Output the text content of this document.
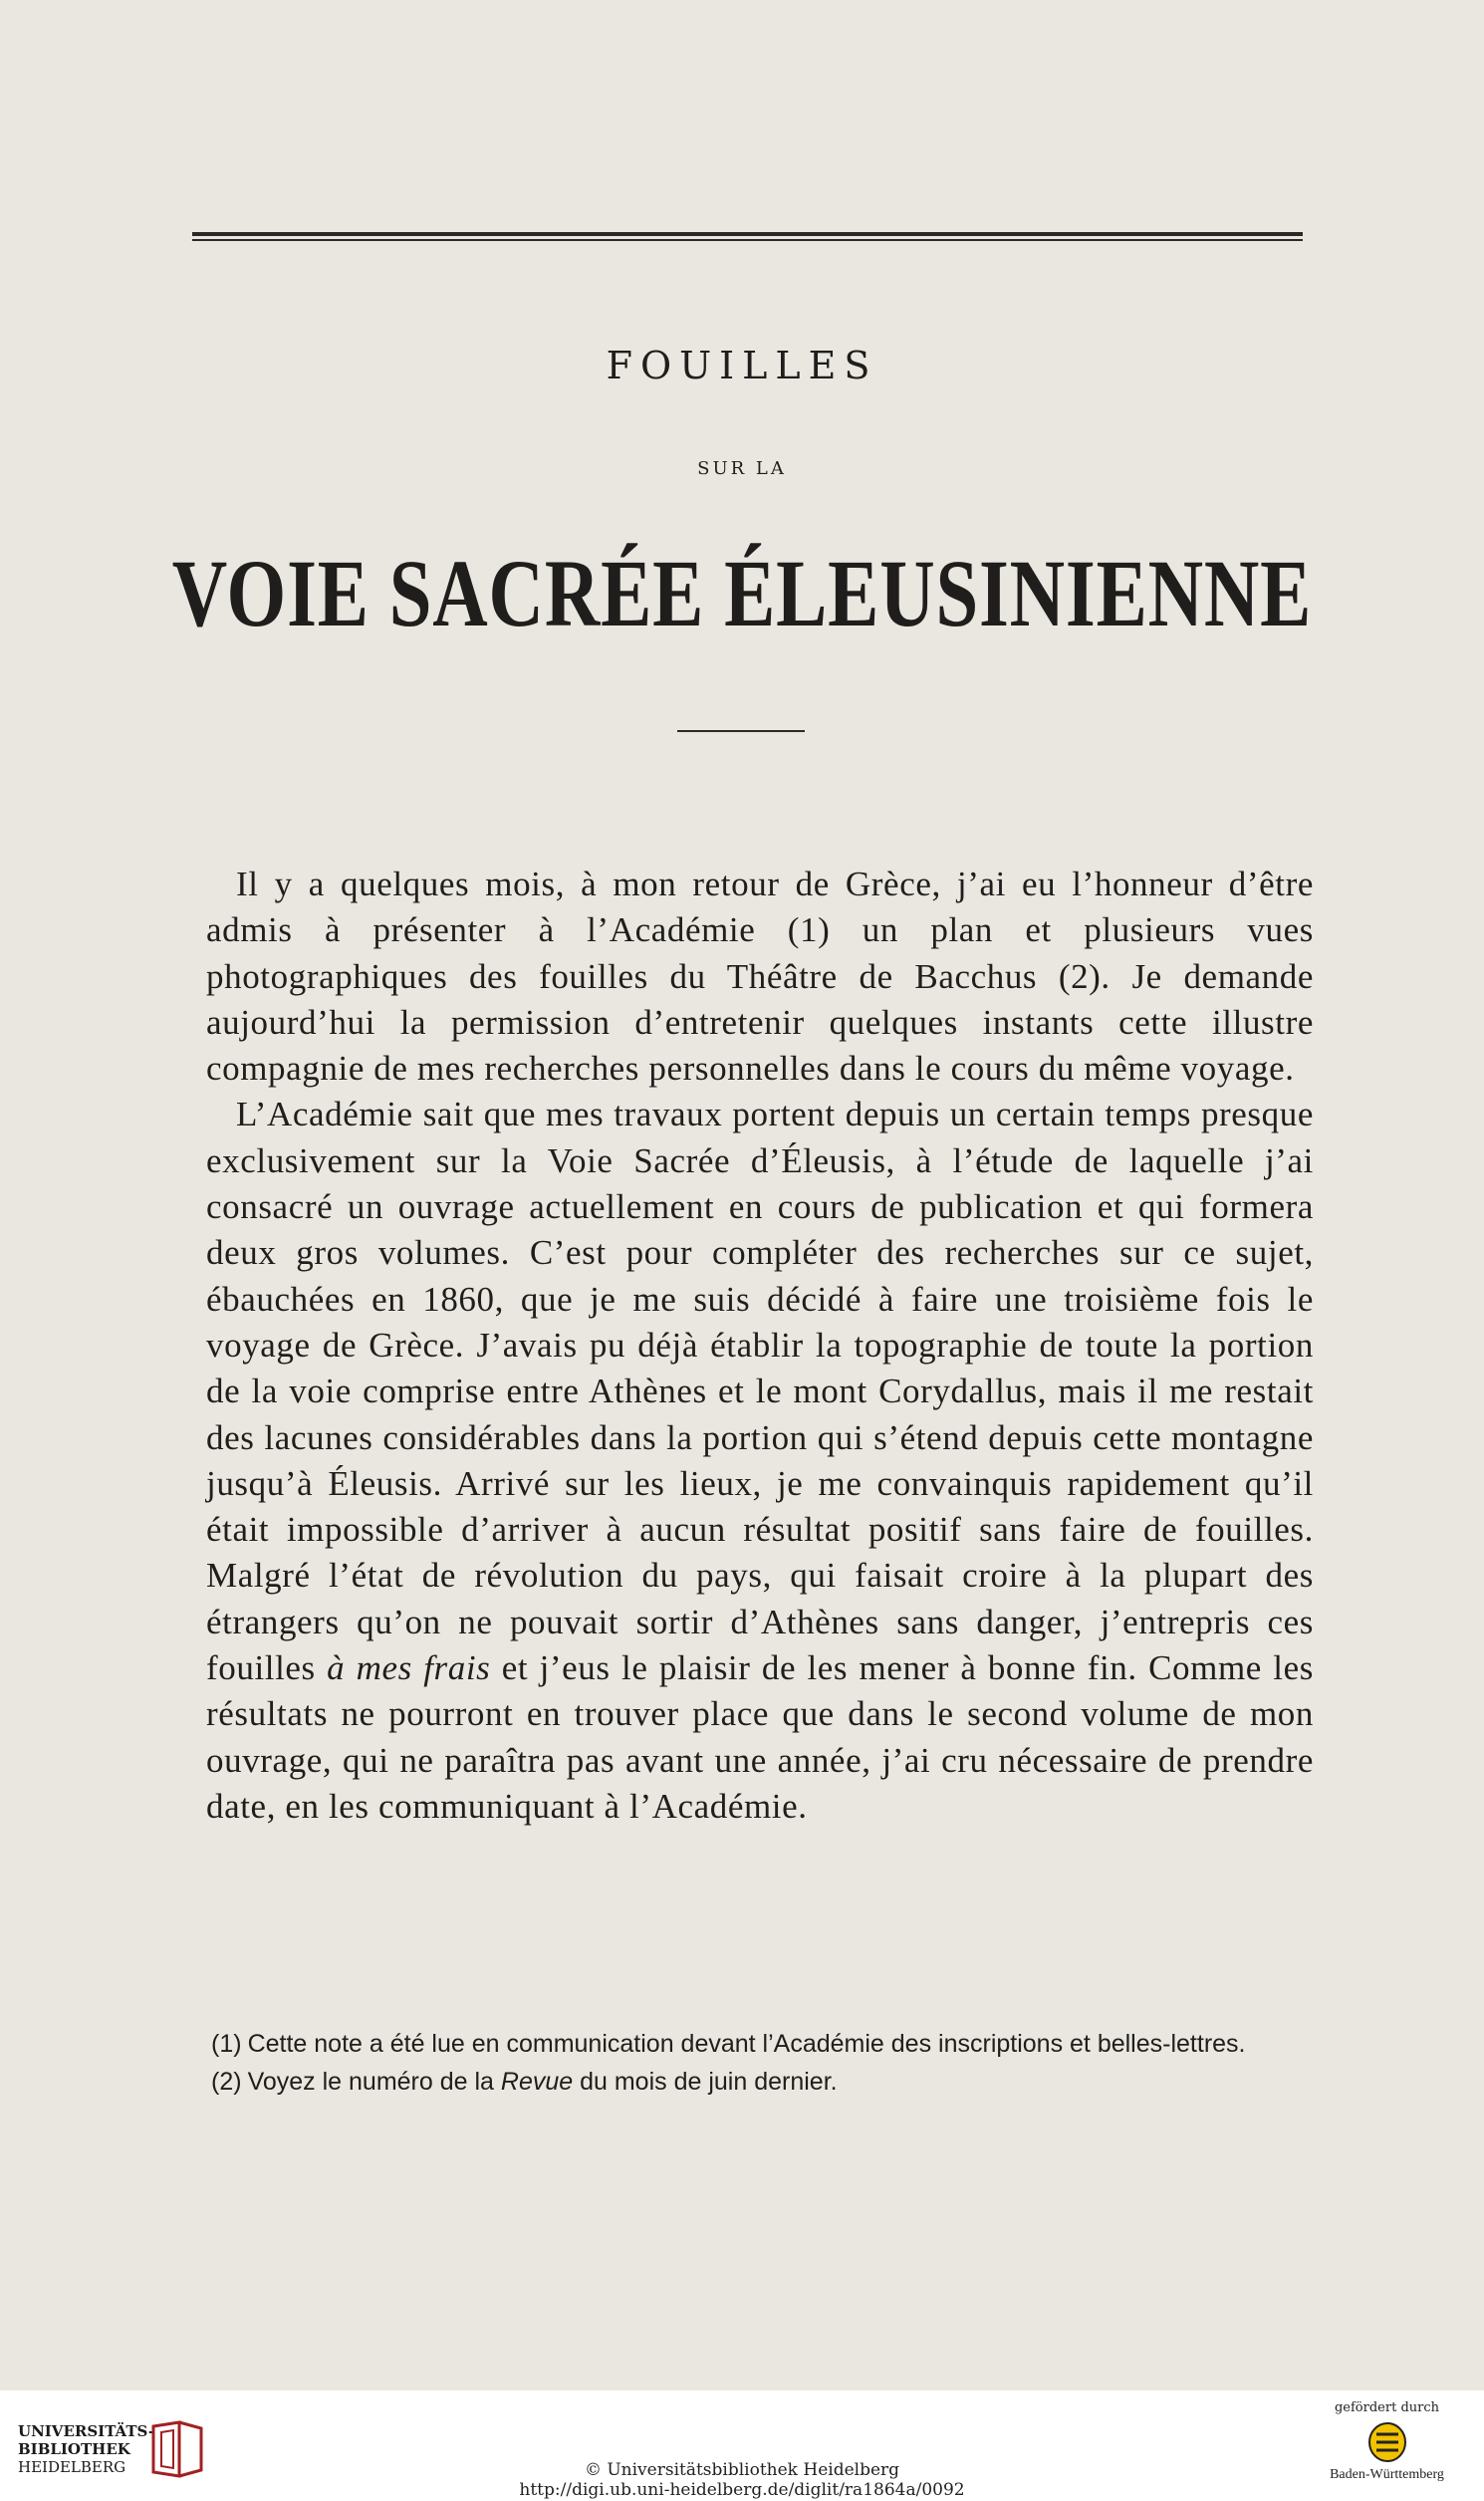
FOUILLES
SUR LA
VOIE SACRÉE ÉLEUSINIENNE

Il y a quelques mois, à mon retour de Grèce, j’ai eu l’honneur d’être admis à présenter à l’Académie (1) un plan et plusieurs vues photographiques des fouilles du Théâtre de Bacchus (2). Je demande aujourd’hui la permission d’entretenir quelques instants cette illustre compagnie de mes recherches personnelles dans le cours du même voyage.

L’Académie sait que mes travaux portent depuis un certain temps presque exclusivement sur la Voie Sacrée d’Éleusis, à l’étude de laquelle j’ai consacré un ouvrage actuellement en cours de publication et qui formera deux gros volumes. C’est pour compléter des recherches sur ce sujet, ébauchées en 1860, que je me suis décidé à faire une troisième fois le voyage de Grèce. J’avais pu déjà établir la topographie de toute la portion de la voie comprise entre Athènes et le mont Corydallus, mais il me restait des lacunes considérables dans la portion qui s’étend depuis cette montagne jusqu’à Éleusis. Arrivé sur les lieux, je me convainquis rapidement qu’il était impossible d’arriver à aucun résultat positif sans faire de fouilles. Malgré l’état de révolution du pays, qui faisait croire à la plupart des étrangers qu’on ne pouvait sortir d’Athènes sans danger, j’entrepris ces fouilles à mes frais et j’eus le plaisir de les mener à bonne fin. Comme les résultats ne pourront en trouver place que dans le second volume de mon ouvrage, qui ne paraîtra pas avant une année, j’ai cru nécessaire de prendre date, en les communiquant à l’Académie.

(1) Cette note a été lue en communication devant l’Académie des inscriptions et belles-lettres.

(2) Voyez le numéro de la Revue du mois de juin dernier.

UNIVERSITÄTS-
BIBLIOTHEK
HEIDELBERG	© Universitätsbibliothek Heidelberg
http://digi.ub.uni-heidelberg.de/diglit/ra1864a/0092
gefördert durch
Baden-Württemberg
